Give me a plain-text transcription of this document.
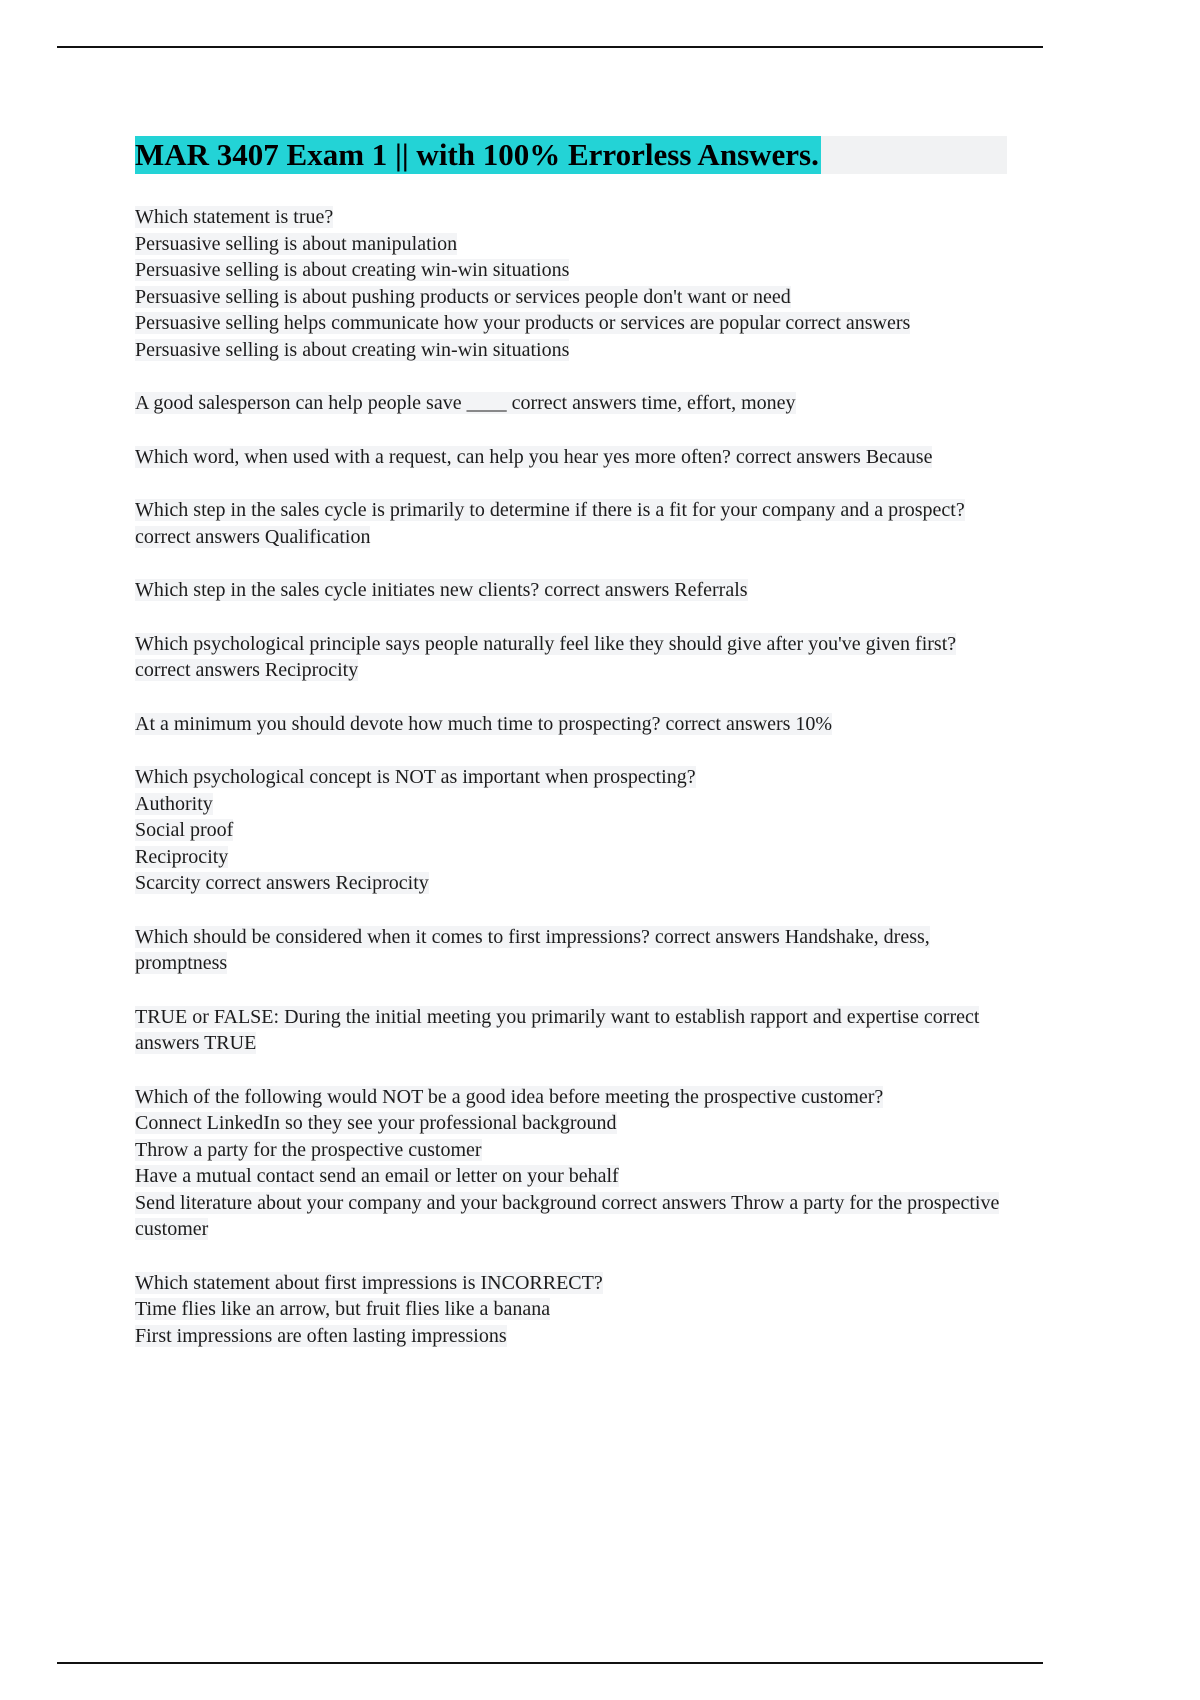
MAR 3407 Exam 1 || with 100% Errorless Answers.
Which statement is true?
Persuasive selling is about manipulation
Persuasive selling is about creating win-win situations
Persuasive selling is about pushing products or services people don't want or need
Persuasive selling helps communicate how your products or services are popular correct answers
Persuasive selling is about creating win-win situations
A good salesperson can help people save ____ correct answers time, effort, money
Which word, when used with a request, can help you hear yes more often? correct answers Because
Which step in the sales cycle is primarily to determine if there is a fit for your company and a prospect? correct answers Qualification
Which step in the sales cycle initiates new clients? correct answers Referrals
Which psychological principle says people naturally feel like they should give after you've given first? correct answers Reciprocity
At a minimum you should devote how much time to prospecting? correct answers 10%
Which psychological concept is NOT as important when prospecting?
Authority
Social proof
Reciprocity
Scarcity correct answers Reciprocity
Which should be considered when it comes to first impressions? correct answers Handshake, dress, promptness
TRUE or FALSE: During the initial meeting you primarily want to establish rapport and expertise correct answers TRUE
Which of the following would NOT be a good idea before meeting the prospective customer?
Connect LinkedIn so they see your professional background
Throw a party for the prospective customer
Have a mutual contact send an email or letter on your behalf
Send literature about your company and your background correct answers Throw a party for the prospective customer
Which statement about first impressions is INCORRECT?
Time flies like an arrow, but fruit flies like a banana
First impressions are often lasting impressions
